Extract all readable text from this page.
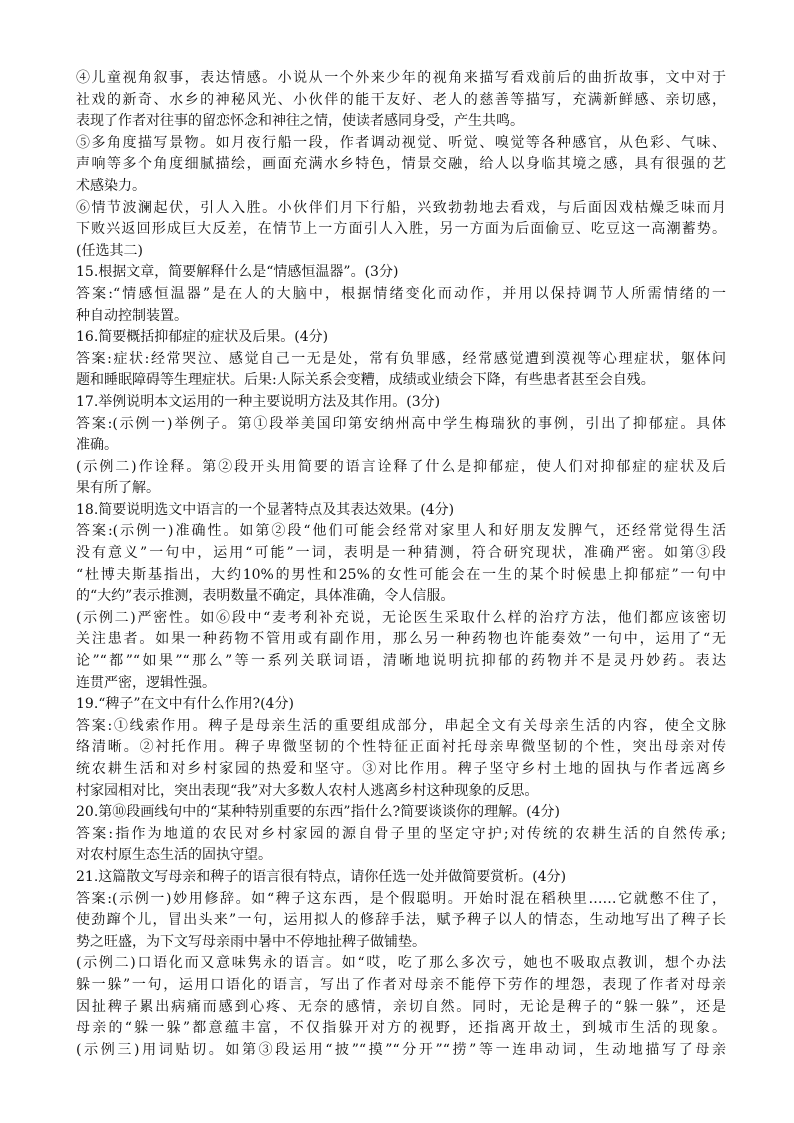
④儿童视角叙事，表达情感。小说从一个外来少年的视角来描写看戏前后的曲折故事，文中对于
社戏的新奇、水乡的神秘风光、小伙伴的能干友好、老人的慈善等描写，充满新鲜感、亲切感，
表现了作者对往事的留恋怀念和神往之情，使读者感同身受，产生共鸣。
⑤多角度描写景物。如月夜行船一段，作者调动视觉、听觉、嗅觉等各种感官，从色彩、气味、
声响等多个角度细腻描绘，画面充满水乡特色，情景交融，给人以身临其境之感，具有很强的艺
术感染力。
⑥情节波澜起伏，引人入胜。小伙伴们月下行船，兴致勃勃地去看戏，与后面因戏枯燥乏味而月
下败兴返回形成巨大反差，在情节上一方面引人入胜，另一方面为后面偷豆、吃豆这一高潮蓄势。
(任选其二)
15.根据文章，简要解释什么是“情感恒温器”。(3分)
答案:“情感恒温器”是在人的大脑中，根据情绪变化而动作，并用以保持调节人所需情绪的一
种自动控制装置。
16.简要概括抑郁症的症状及后果。(4分)
答案:症状:经常哭泣、感觉自己一无是处，常有负罪感，经常感觉遭到漠视等心理症状，躯体问
题和睡眠障碍等生理症状。后果:人际关系会变糟，成绩或业绩会下降，有些患者甚至会自残。
17.举例说明本文运用的一种主要说明方法及其作用。(3分)
答案:(示例一)举例子。第①段举美国印第安纳州高中学生梅瑞狄的事例，引出了抑郁症。具体
准确。
(示例二)作诠释。第②段开头用简要的语言诠释了什么是抑郁症，使人们对抑郁症的症状及后
果有所了解。
18.简要说明选文中语言的一个显著特点及其表达效果。(4分)
答案:(示例一)准确性。如第②段“他们可能会经常对家里人和好朋友发脾气，还经常觉得生活
没有意义”一句中，运用“可能”一词，表明是一种猜测，符合研究现状，准确严密。如第③段
“杜博夫斯基指出，大约10%的男性和25%的女性可能会在一生的某个时候患上抑郁症”一句中
的“大约”表示推测，表明数量不确定，具体准确，令人信服。
(示例二)严密性。如⑥段中“麦考利补充说，无论医生采取什么样的治疗方法，他们都应该密切
关注患者。如果一种药物不管用或有副作用，那么另一种药物也许能奏效”一句中，运用了“无
论”“都”“如果”“那么”等一系列关联词语，清晰地说明抗抑郁的药物并不是灵丹妙药。表达
连贯严密，逻辑性强。
19.“稗子”在文中有什么作用?(4分)
答案:①线索作用。稗子是母亲生活的重要组成部分，串起全文有关母亲生活的内容，使全文脉
络清晰。②衬托作用。稗子卑微坚韧的个性特征正面衬托母亲卑微坚韧的个性，突出母亲对传
统农耕生活和对乡村家园的热爱和坚守。③对比作用。稗子坚守乡村土地的固执与作者远离乡
村家园相对比，突出表现“我”对大多数人农村人逃离乡村这种现象的反思。
20.第⑩段画线句中的“某种特别重要的东西”指什么?简要谈谈你的理解。(4分)
答案:指作为地道的农民对乡村家园的源自骨子里的坚定守护;对传统的农耕生活的自然传承;
对农村原生态生活的固执守望。
21.这篇散文写母亲和稗子的语言很有特点，请你任选一处并做简要赏析。(4分)
答案:(示例一)妙用修辞。如“稗子这东西，是个假聪明。开始时混在稻秧里……它就憋不住了，
使劲蹿个儿，冒出头来”一句，运用拟人的修辞手法，赋予稗子以人的情态，生动地写出了稗子长
势之旺盛，为下文写母亲雨中暑中不停地扯稗子做铺垫。
(示例二)口语化而又意味隽永的语言。如“哎，吃了那么多次亏，她也不吸取点教训，想个办法
躲一躲”一句，运用口语化的语言，写出了作者对母亲不能停下劳作的埋怨，表现了作者对母亲
因扯稗子累出病痛而感到心疼、无奈的感情，亲切自然。同时，无论是稗子的“躲一躲”，还是
母亲的“躲一躲”都意蕴丰富，不仅指躲开对方的视野，还指离开故土，到城市生活的现象。
(示例三)用词贴切。如第③段运用“披”“摸”“分开”“捞”等一连串动词，生动地描写了母亲
